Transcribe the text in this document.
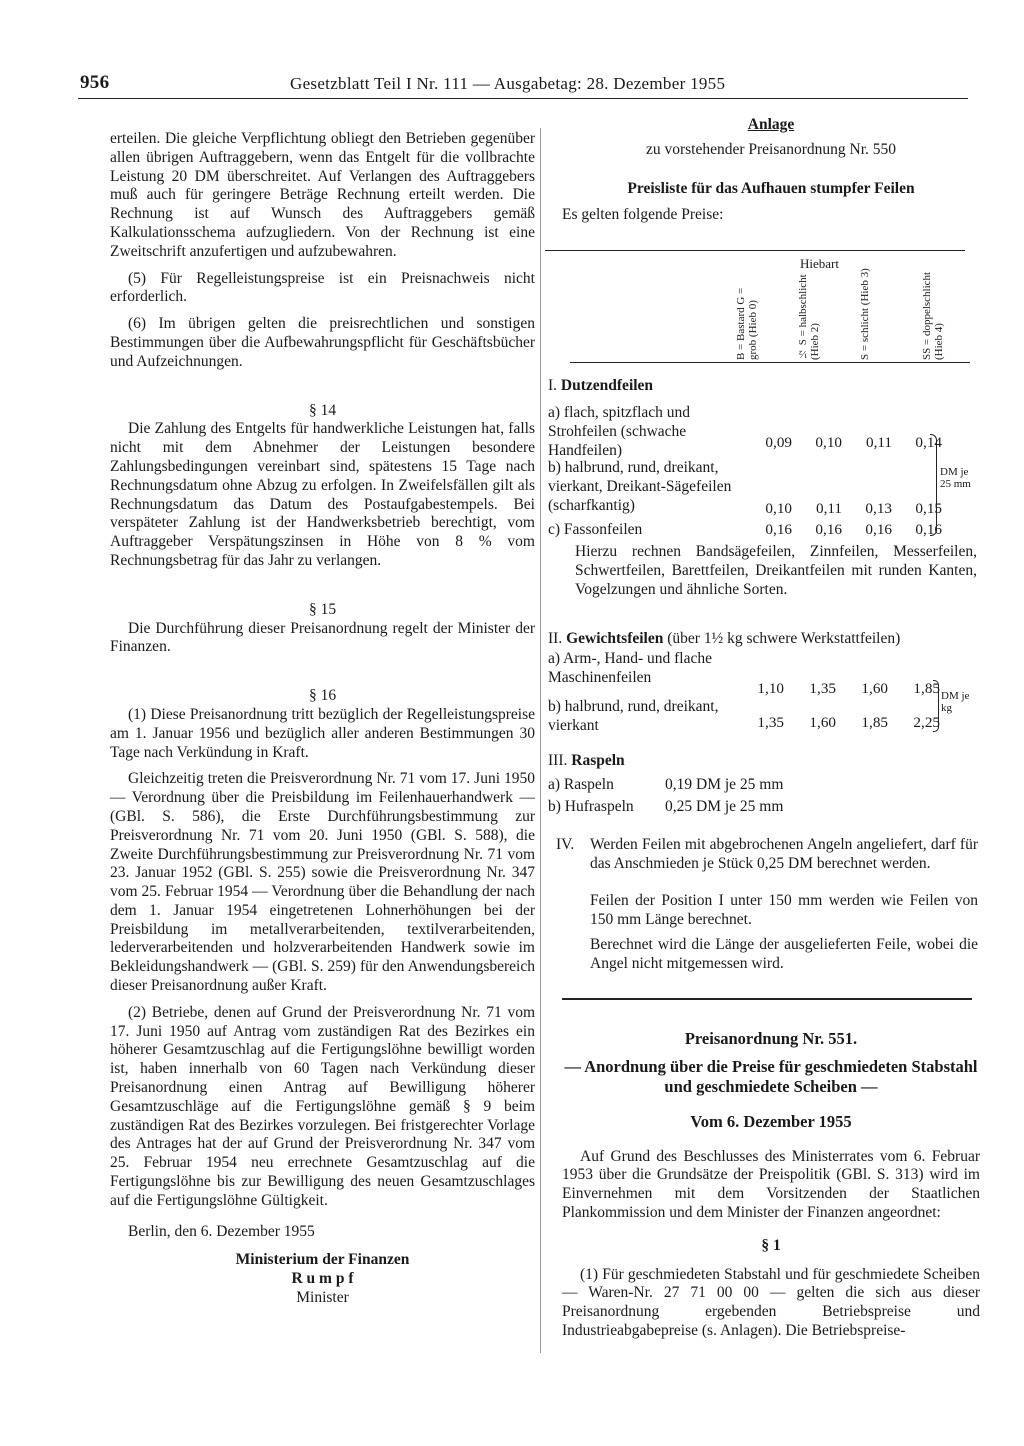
956	Gesetzblatt Teil I Nr. 111 — Ausgabetag: 28. Dezember 1955

erteilen. Die gleiche Verpflichtung obliegt den Betrieben gegenüber allen übrigen Auftraggebern, wenn das Entgelt für die vollbrachte Leistung 20 DM überschreitet. Auf Verlangen des Auftraggebers muß auch für geringere Beträge Rechnung erteilt werden. Die Rechnung ist auf Wunsch des Auftraggebers gemäß Kalkulationsschema aufzugliedern. Von der Rechnung ist eine Zweitschrift anzufertigen und aufzubewahren.

(5) Für Regelleistungspreise ist ein Preisnachweis nicht erforderlich.

(6) Im übrigen gelten die preisrechtlichen und sonstigen Bestimmungen über die Aufbewahrungspflicht für Geschäftsbücher und Aufzeichnungen.

§ 14

Die Zahlung des Entgelts für handwerkliche Leistungen hat, falls nicht mit dem Abnehmer der Leistungen besondere Zahlungsbedingungen vereinbart sind, spätestens 15 Tage nach Rechnungsdatum ohne Abzug zu erfolgen. In Zweifelsfällen gilt als Rechnungsdatum das Datum des Postaufgabestempels. Bei verspäteter Zahlung ist der Handwerksbetrieb berechtigt, vom Auftraggeber Verspätungszinsen in Höhe von 8 % vom Rechnungsbetrag für das Jahr zu verlangen.

§ 15

Die Durchführung dieser Preisanordnung regelt der Minister der Finanzen.

§ 16

(1) Diese Preisanordnung tritt bezüglich der Regelleistungspreise am 1. Januar 1956 und bezüglich aller anderen Bestimmungen 30 Tage nach Verkündung in Kraft.

Gleichzeitig treten die Preisverordnung Nr. 71 vom 17. Juni 1950 — Verordnung über die Preisbildung im Feilenhauerhandwerk — (GBl. S. 586), die Erste Durchführungsbestimmung zur Preisverordnung Nr. 71 vom 20. Juni 1950 (GBl. S. 588), die Zweite Durchführungsbestimmung zur Preisverordnung Nr. 71 vom 23. Januar 1952 (GBl. S. 255) sowie die Preisverordnung Nr. 347 vom 25. Februar 1954 — Verordnung über die Behandlung der nach dem 1. Januar 1954 eingetretenen Lohnerhöhungen bei der Preisbildung im metallverarbeitenden, textilverarbeitenden, lederverarbeitenden und holzverarbeitenden Handwerk sowie im Bekleidungshandwerk — (GBl. S. 259) für den Anwendungsbereich dieser Preisanordnung außer Kraft.

(2) Betriebe, denen auf Grund der Preisverordnung Nr. 71 vom 17. Juni 1950 auf Antrag vom zuständigen Rat des Bezirkes ein höherer Gesamtzuschlag auf die Fertigungslöhne bewilligt worden ist, haben innerhalb von 60 Tagen nach Verkündung dieser Preisanordnung einen Antrag auf Bewilligung höherer Gesamtzuschläge auf die Fertigungslöhne gemäß § 9 beim zuständigen Rat des Bezirkes vorzulegen. Bei fristgerechter Vorlage des Antrages hat der auf Grund der Preisverordnung Nr. 347 vom 25. Februar 1954 neu errechnete Gesamtzuschlag auf die Fertigungslöhne bis zur Bewilligung des neuen Gesamtzuschlages auf die Fertigungslöhne Gültigkeit.

Berlin, den 6. Dezember 1955

Ministerium der Finanzen

R u m p f

Minister

Anlage

zu vorstehender Preisanordnung Nr. 550

Preisliste für das Aufhauen stumpfer Feilen

Es gelten folgende Preise:

Hiebart
B = Bastard G = grob (Hieb 0)	½ S = halbschlicht (Hieb 2)	S = schlicht (Hieb 3)	SS = doppelschlicht (Hieb 4)

I. Dutzendfeilen

a) flach, spitzflach und Strohfeilen (schwache Handfeilen)	0,09	0,10	0,11	0,14
b) halbrund, rund, dreikant, vierkant, Dreikant-Sägefeilen (scharfkantig)	0,10	0,11	0,13	0,15
c) Fassonfeilen	0,16	0,16	0,16	0,16
DM je 25 mm
Hierzu rechnen Bandsägefeilen, Zinnfeilen, Messerfeilen, Schwertfeilen, Barettfeilen, Dreikantfeilen mit runden Kanten, Vogelzungen und ähnliche Sorten.
II. Gewichtsfeilen (über 1½ kg schwere Werkstattfeilen)
a) Arm-, Hand- und flache Maschinenfeilen
1,10	1,35	1,60	1,85
b) halbrund, rund, dreikant, vierkant	1,35	1,60	1,85	2,25
DM je kg
III. Raspeln
a) Raspeln	0,19 DM je 25 mm
b) Hufraspeln	0,25 DM je 25 mm
IV.	Werden Feilen mit abgebrochenen Angeln angeliefert, darf für das Anschmieden je Stück 0,25 DM berechnet werden.
Feilen der Position I unter 150 mm werden wie Feilen von 150 mm Länge berechnet.
Berechnet wird die Länge der ausgelieferten Feile, wobei die Angel nicht mitgemessen wird.

Preisanordnung Nr. 551.

— Anordnung über die Preise für geschmiedeten Stabstahl und geschmiedete Scheiben —

Vom 6. Dezember 1955

Auf Grund des Beschlusses des Ministerrates vom 6. Februar 1953 über die Grundsätze der Preispolitik (GBl. S. 313) wird im Einvernehmen mit dem Vorsitzenden der Staatlichen Plankommission und dem Minister der Finanzen angeordnet:

§ 1

(1) Für geschmiedeten Stabstahl und für geschmiedete Scheiben — Waren-Nr. 27 71 00 00 — gelten die sich aus dieser Preisanordnung ergebenden Betriebspreise und Industrieabgabepreise (s. Anlagen). Die Betriebspreise-
